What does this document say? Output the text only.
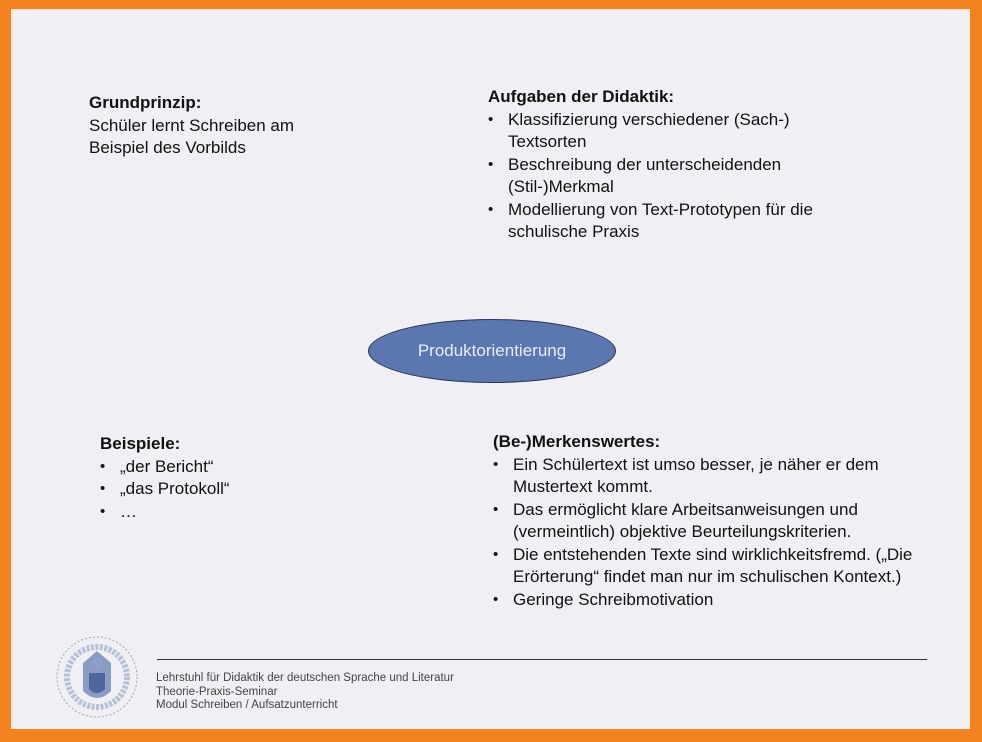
Grundprinzip:
Schüler lernt Schreiben am
Beispiel des Vorbilds
Aufgaben der Didaktik:
• Klassifizierung verschiedener (Sach-) Textsorten
• Beschreibung der unterscheidenden (Stil-)Merkmal
• Modellierung von Text-Prototypen für die schulische Praxis
Produktorientierung
Beispiele:
• „der Bericht“
• „das Protokoll“
• …
(Be-)Merkenswertes:
• Ein Schülertext ist umso besser, je näher er dem Mustertext kommt.
• Das ermöglicht klare Arbeitsanweisungen und (vermeintlich) objektive Beurteilungskriterien.
• Die entstehenden Texte sind wirklichkeitsfremd. („Die Erörterung“ findet man nur im schulischen Kontext.)
• Geringe Schreibmotivation
Lehrstuhl für Didaktik der deutschen Sprache und Literatur
Theorie-Praxis-Seminar
Modul Schreiben / Aufsatzunterricht
